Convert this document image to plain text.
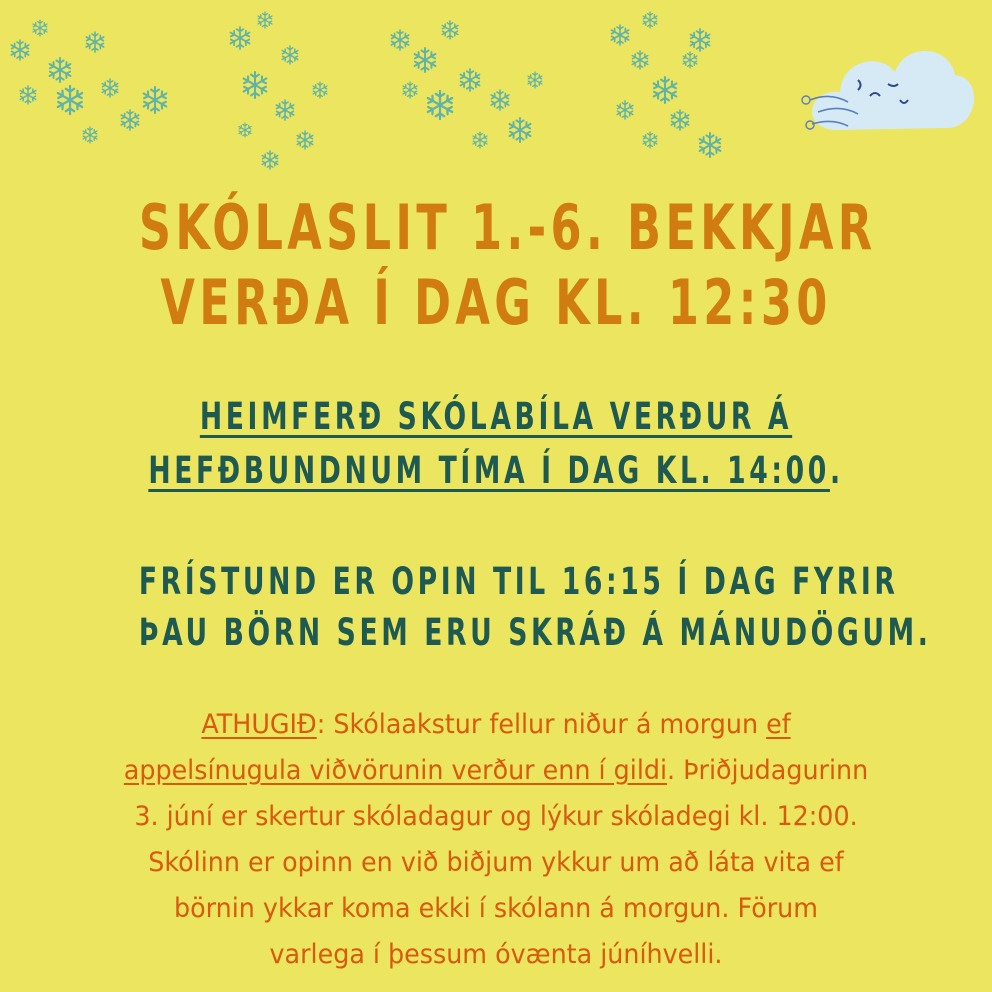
SKÓLASLIT 1.-6. BEKKJAR
VERÐA Í DAG KL. 12:30
HEIMFERÐ SKÓLABÍLA VERÐUR Á
HEFÐBUNDNUM TÍMA Í DAG KL. 14:00.
FRÍSTUND ER OPIN TIL 16:15 Í DAG FYRIR
ÞAU BÖRN SEM ERU SKRÁÐ Á MÁNUDÖGUM.
ATHUGIÐ: Skólaakstur fellur niður á morgun ef
appelsínugula viðvörunin verður enn í gildi. Þriðjudagurinn
3. júní er skertur skóladagur og lýkur skóladegi kl. 12:00.
Skólinn er opinn en við biðjum ykkur um að láta vita ef
börnin ykkar koma ekki í skólann á morgun. Förum
varlega í þessum óvænta júníhvelli.
